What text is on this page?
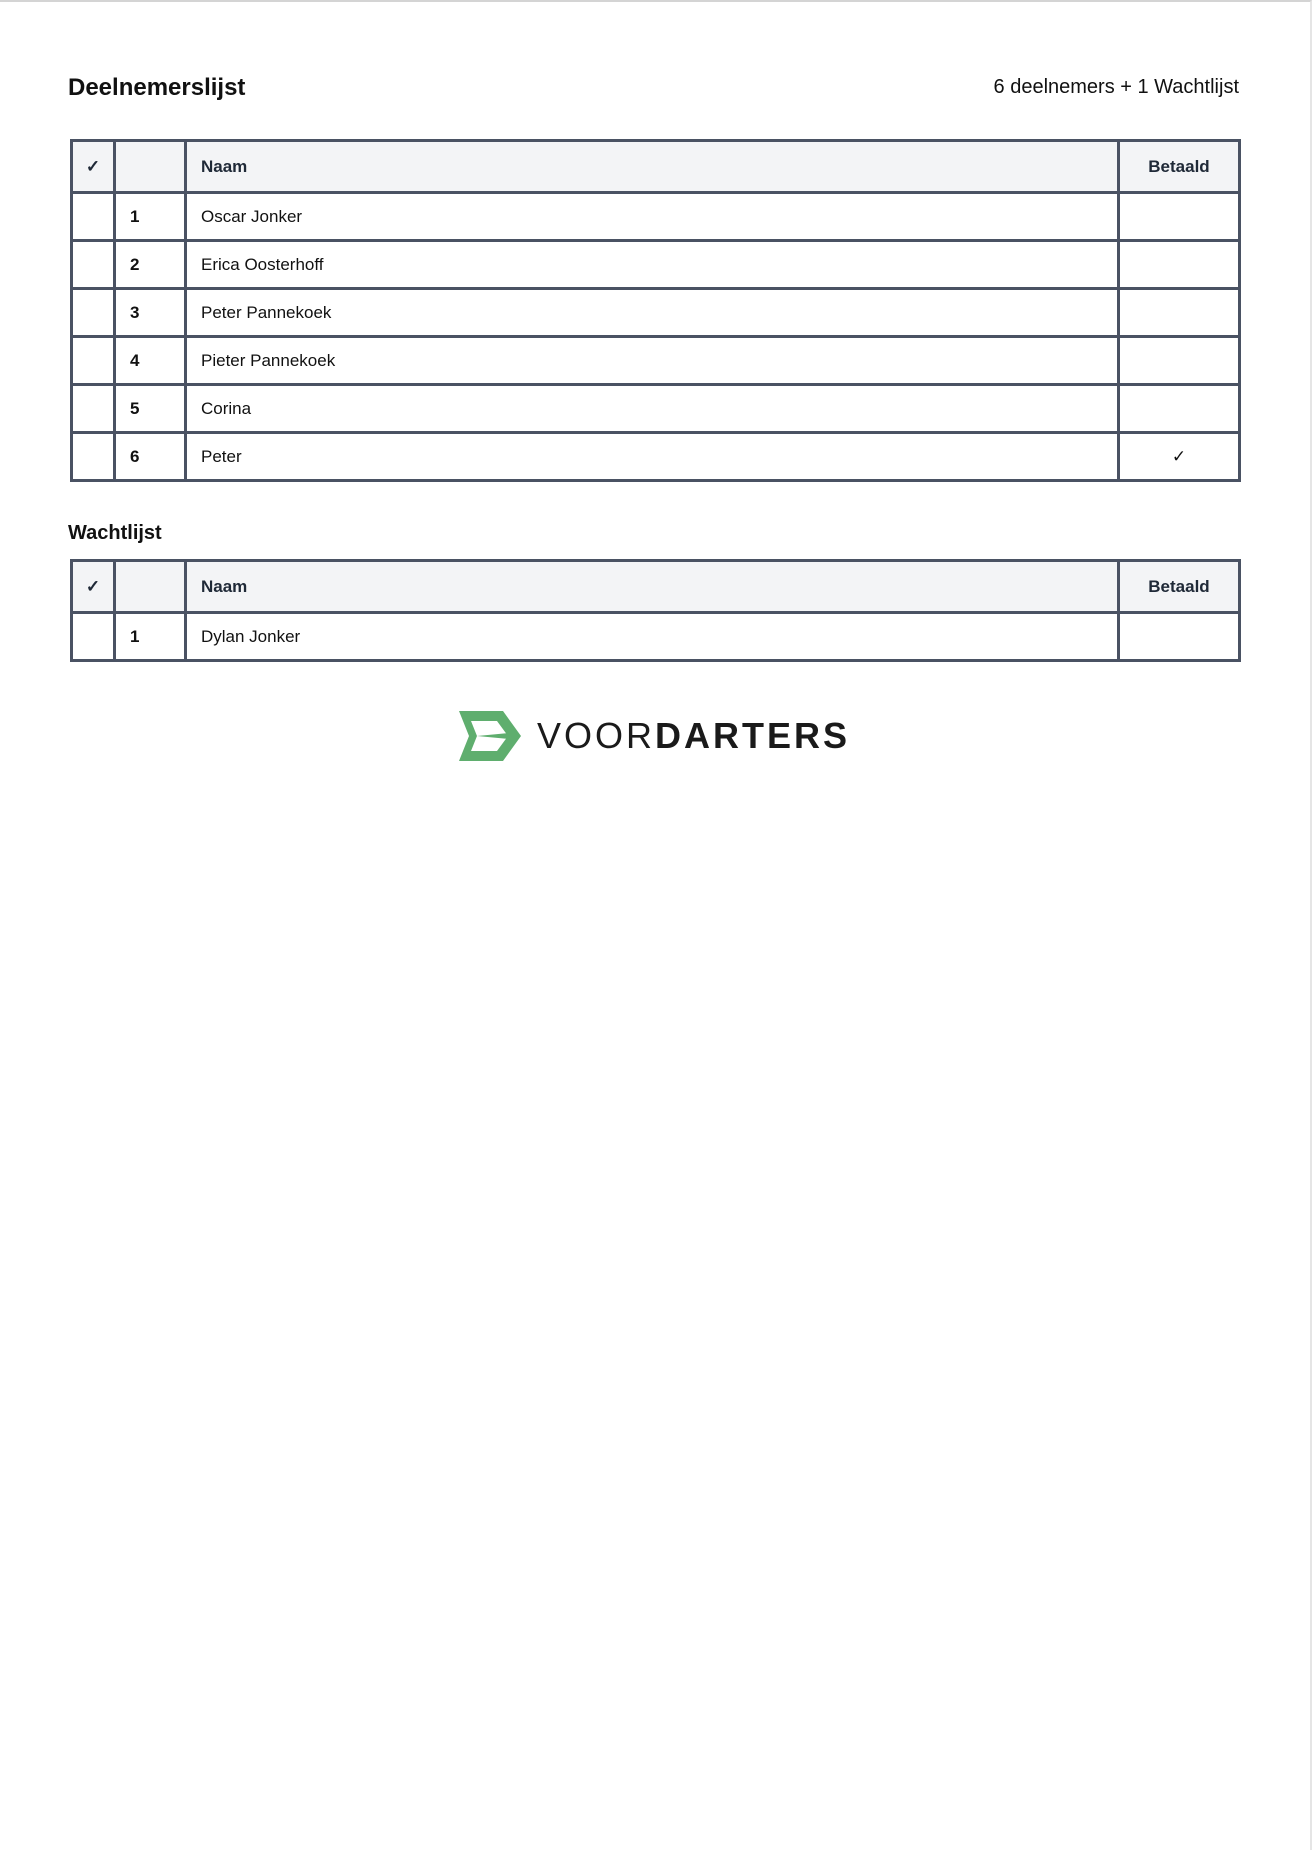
Deelnemerslijst	6 deelnemers + 1 Wachtlijst
✓		Naam	Betaald
	1	Oscar Jonker	
	2	Erica Oosterhoff	
	3	Peter Pannekoek	
	4	Pieter Pannekoek	
	5	Corina	
	6	Peter	✓
Wachtlijst
✓		Naam	Betaald
	1	Dylan Jonker	
VOORDARTERS
